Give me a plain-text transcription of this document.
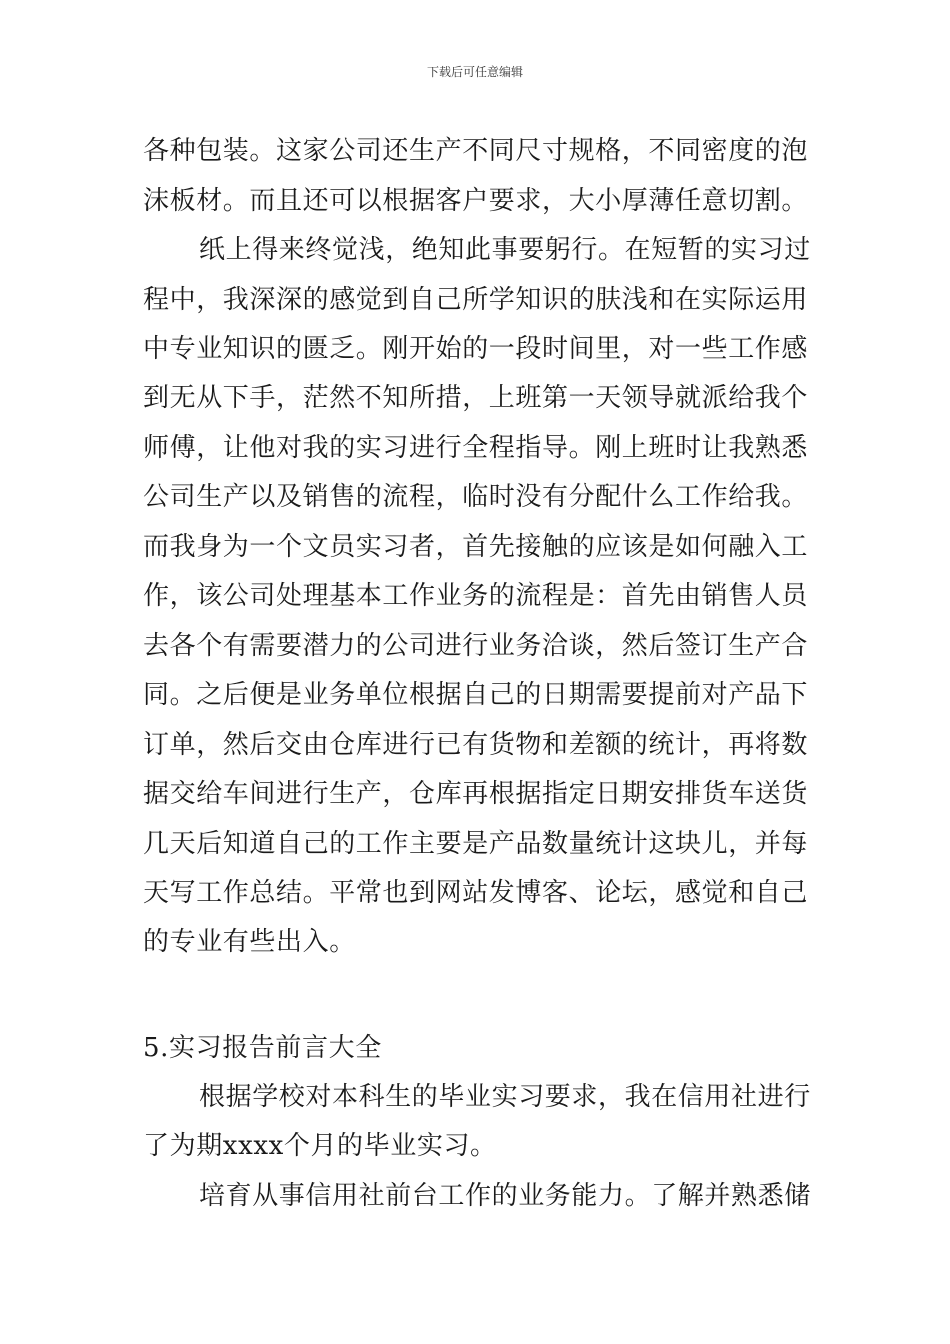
下载后可任意编辑
各种包装。这家公司还生产不同尺寸规格，不同密度的泡
沫板材。而且还可以根据客户要求，大小厚薄任意切割。
纸上得来终觉浅，绝知此事要躬行。在短暂的实习过
程中，我深深的感觉到自己所学知识的肤浅和在实际运用
中专业知识的匮乏。刚开始的一段时间里，对一些工作感
到无从下手，茫然不知所措，上班第一天领导就派给我个
师傅，让他对我的实习进行全程指导。刚上班时让我熟悉
公司生产以及销售的流程，临时没有分配什么工作给我。
而我身为一个文员实习者，首先接触的应该是如何融入工
作，该公司处理基本工作业务的流程是：首先由销售人员
去各个有需要潜力的公司进行业务洽谈，然后签订生产合
同。之后便是业务单位根据自己的日期需要提前对产品下
订单，然后交由仓库进行已有货物和差额的统计，再将数
据交给车间进行生产，仓库再根据指定日期安排货车送货
几天后知道自己的工作主要是产品数量统计这块儿，并每
天写工作总结。平常也到网站发博客、论坛，感觉和自己
的专业有些出入。
5.实习报告前言大全
根据学校对本科生的毕业实习要求，我在信用社进行
了为期xxxx个月的毕业实习。
培育从事信用社前台工作的业务能力。了解并熟悉储
